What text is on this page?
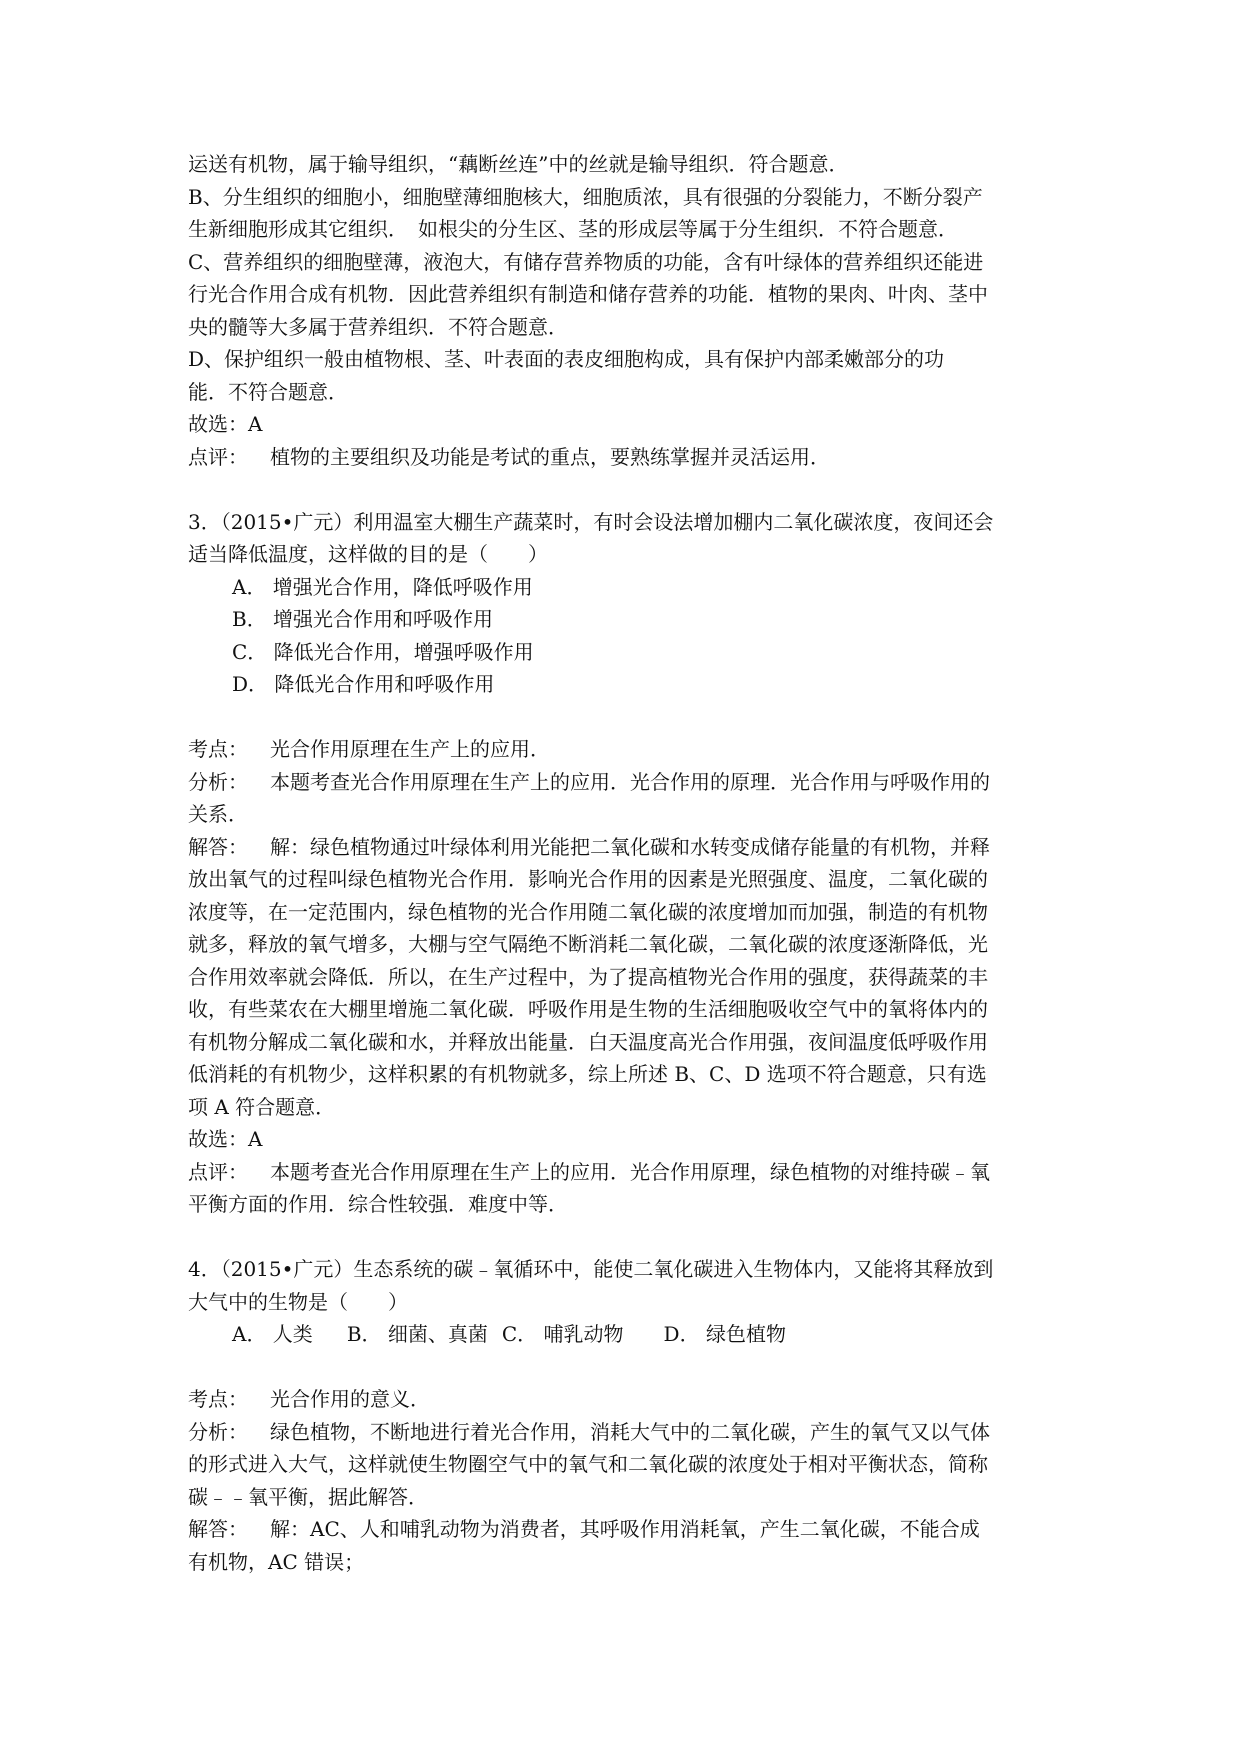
运送有机物，属于输导组织，“藕断丝连”中的丝就是输导组织．符合题意．
B、分生组织的细胞小，细胞壁薄细胞核大，细胞质浓，具有很强的分裂能力，不断分裂产
生新细胞形成其它组织．　如根尖的分生区、茎的形成层等属于分生组织．不符合题意．
C、营养组织的细胞壁薄，液泡大，有储存营养物质的功能，含有叶绿体的营养组织还能进
行光合作用合成有机物．因此营养组织有制造和储存营养的功能．植物的果肉、叶肉、茎中
央的髓等大多属于营养组织．不符合题意．
D、保护组织一般由植物根、茎、叶表面的表皮细胞构成，具有保护内部柔嫩部分的功
能．不符合题意．
故选：A
点评： 植物的主要组织及功能是考试的重点，要熟练掌握并灵活运用．
3．（2015•广元）利用温室大棚生产蔬菜时，有时会设法增加棚内二氧化碳浓度，夜间还会
适当降低温度，这样做的目的是（　　）
A． 增强光合作用，降低呼吸作用
B． 增强光合作用和呼吸作用
C． 降低光合作用，增强呼吸作用
D． 降低光合作用和呼吸作用
考点： 光合作用原理在生产上的应用．
分析： 本题考查光合作用原理在生产上的应用．光合作用的原理．光合作用与呼吸作用的
关系．
解答： 解：绿色植物通过叶绿体利用光能把二氧化碳和水转变成储存能量的有机物，并释
放出氧气的过程叫绿色植物光合作用．影响光合作用的因素是光照强度、温度，二氧化碳的
浓度等，在一定范围内，绿色植物的光合作用随二氧化碳的浓度增加而加强，制造的有机物
就多，释放的氧气增多，大棚与空气隔绝不断消耗二氧化碳，二氧化碳的浓度逐渐降低，光
合作用效率就会降低．所以，在生产过程中，为了提高植物光合作用的强度，获得蔬菜的丰
收，有些菜农在大棚里增施二氧化碳．呼吸作用是生物的生活细胞吸收空气中的氧将体内的
有机物分解成二氧化碳和水，并释放出能量．白天温度高光合作用强，夜间温度低呼吸作用
低消耗的有机物少，这样积累的有机物就多，综上所述 B、C、D 选项不符合题意，只有选
项 A 符合题意．
故选：A
点评： 本题考查光合作用原理在生产上的应用．光合作用原理，绿色植物的对维持碳﹣氧
平衡方面的作用．综合性较强．难度中等．
4．（2015•广元）生态系统的碳﹣氧循环中，能使二氧化碳进入生物体内，又能将其释放到
大气中的生物是（　　）
A． 人类 B． 细菌、真菌 C． 哺乳动物 D． 绿色植物
考点： 光合作用的意义．
分析： 绿色植物，不断地进行着光合作用，消耗大气中的二氧化碳，产生的氧气又以气体
的形式进入大气，这样就使生物圈空气中的氧气和二氧化碳的浓度处于相对平衡状态，简称
碳﹣﹣氧平衡，据此解答．
解答： 解：AC、人和哺乳动物为消费者，其呼吸作用消耗氧，产生二氧化碳，不能合成
有机物，AC 错误；
